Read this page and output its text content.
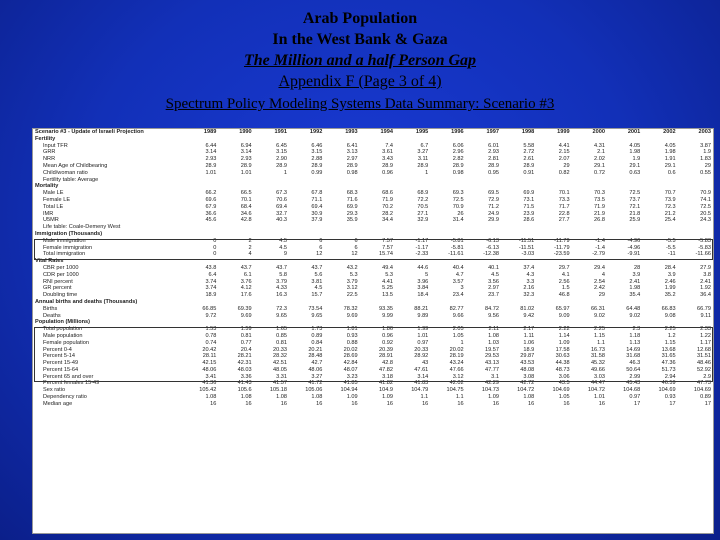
Arab Population
In the West Bank & Gaza
The Million and a half Person Gap
Appendix F (Page 3 of 4)
Spectrum Policy Modeling Systems Data Summary: Scenario #3
Scenario #3 - Update of Israeli Projection	1989	1990	1991	1992	1993	1994	1995	1996	1997	1998	1999	2000	2001	2002	2003
Fertility															
Input TFR	6.44	6.94	6.45	6.46	6.41	7.4	6.7	6.06	6.01	5.58	4.41	4.31	4.05	4.05	3.87
GRR	3.14	3.14	3.15	3.15	3.13	3.61	3.27	2.96	2.93	2.72	2.15	2.1	1.98	1.98	1.9
NRR	2.93	2.93	2.90	2.88	2.97	3.43	3.11	2.82	2.81	2.61	2.07	2.02	1.9	1.91	1.83
Mean Age of Childbearing	28.9	28.9	28.9	28.9	28.9	28.9	28.9	28.9	28.9	28.9	29	29.1	29.1	29.1	29
Child/woman ratio	1.01	1.01	1	0.99	0.98	0.96	1	0.98	0.95	0.91	0.82	0.72	0.63	0.6	0.55
Fertility table: Average															
Mortality															
Male LE	66.2	66.5	67.3	67.8	68.3	68.6	68.9	69.3	69.5	69.9	70.1	70.3	72.5	70.7	70.9
Female LE	69.6	70.1	70.6	71.1	71.6	71.9	72.2	72.5	72.9	73.1	73.3	73.5	73.7	73.9	74.1
Total LE	67.9	68.4	69.4	69.4	69.9	70.2	70.5	70.9	71.2	71.5	71.7	71.9	72.1	72.3	72.5
IMR	36.6	34.6	32.7	30.9	29.3	28.2	27.1	26	24.9	23.9	22.8	21.9	21.8	21.2	20.5
U5MR	45.6	42.8	40.3	37.9	35.9	34.4	32.9	31.4	29.9	28.6	27.7	26.8	25.9	25.4	24.3
Life table: Coale-Demeny West															
Immigration (Thousands)															
Male immigration	0	2	4.5	6	6	7.57	-1.17	-5.81	-6.13	-11.51	-11.79	-1.4	-4.96	-5.5	-5.83
Female immigration	0	2	4.5	6	6	7.57	-1.17	-5.81	-6.13	-11.51	-11.79	-1.4	-4.96	-5.5	-5.83
Total immigration	0	4	9	12	12	15.74	-2.33	-11.61	-12.38	-3.03	-23.59	-2.79	-9.91	-11	-11.66
Vital Rates															
CBR per 1000	43.8	43.7	43.7	43.7	43.2	49.4	44.6	40.4	40.1	37.4	29.7	29.4	28	28.4	27.9
CDR per 1000	6.4	6.1	5.8	5.6	5.3	5.3	5	4.7	4.5	4.3	4.1	4	3.9	3.9	3.8
RNI percent	3.74	3.76	3.79	3.81	3.79	4.41	3.96	3.57	3.56	3.3	2.56	2.54	2.41	2.46	2.41
GR percent	3.74	4.12	4.33	4.5	3.12	5.25	3.84	3	2.97	2.16	1.5	2.42	1.98	1.99	1.92
Doubling time	18.9	17.6	16.3	15.7	22.5	13.5	18.4	23.4	23.7	32.3	46.8	29	35.4	35.2	36.4
Annual births and deaths (Thousands)															
Births	66.85	69.39	72.3	73.54	78.32	93.35	88.21	82.77	84.72	81.02	65.97	66.31	64.48	66.83	66.79
Deaths	9.72	9.69	9.65	9.65	9.69	9.99	9.89	9.66	9.56	9.42	9.09	9.02	9.02	9.08	9.11
Population (Millions)															
Total population	1.53	1.59	1.65	1.73	1.81	1.86	1.99	2.05	2.11	2.17	2.22	2.25	2.3	2.25	2.33
Male population	0.78	0.81	0.85	0.89	0.93	0.96	1.01	1.05	1.08	1.11	1.14	1.15	1.18	1.2	1.22
Female population	0.74	0.77	0.81	0.84	0.88	0.92	0.97	1	1.03	1.06	1.09	1.1	1.13	1.15	1.17
Percent 0-4	20.42	20.4	20.33	20.21	20.02	20.39	20.33	20.02	19.57	18.9	17.58	16.73	14.69	13.68	12.68
Percent 5-14	28.11	28.21	28.32	28.48	28.69	28.91	28.92	28.19	29.53	29.87	30.63	31.58	31.68	31.65	31.51
Percent 15-49	42.15	42.31	42.51	42.7	42.84	42.8	43	43.24	43.13	43.53	44.38	45.32	46.3	47.36	48.46
Percent 15-64	48.06	48.03	48.05	48.06	48.07	47.82	47.61	47.66	47.77	48.08	48.73	49.66	50.64	51.73	52.92
Percent 65 and over	3.41	3.36	3.31	3.27	3.23	3.18	3.14	3.12	3.1	3.08	3.06	3.03	2.99	2.94	2.9
Percent females 15-49	41.36	41.43	41.57	41.72	41.85	41.82	41.83	42.02	42.29	42.72	43.5	44.47	45.43	46.59	47.73
Sex ratio	105.42	105.6	105.18	105.06	104.94	104.9	104.79	104.75	104.73	104.72	104.69	104.72	104.68	104.69	104.69
Dependency ratio	1.08	1.08	1.08	1.08	1.09	1.09	1.1	1.1	1.09	1.08	1.05	1.01	0.97	0.93	0.89
Median age	16	16	16	16	16	16	16	16	16	16	16	16	17	17	17
